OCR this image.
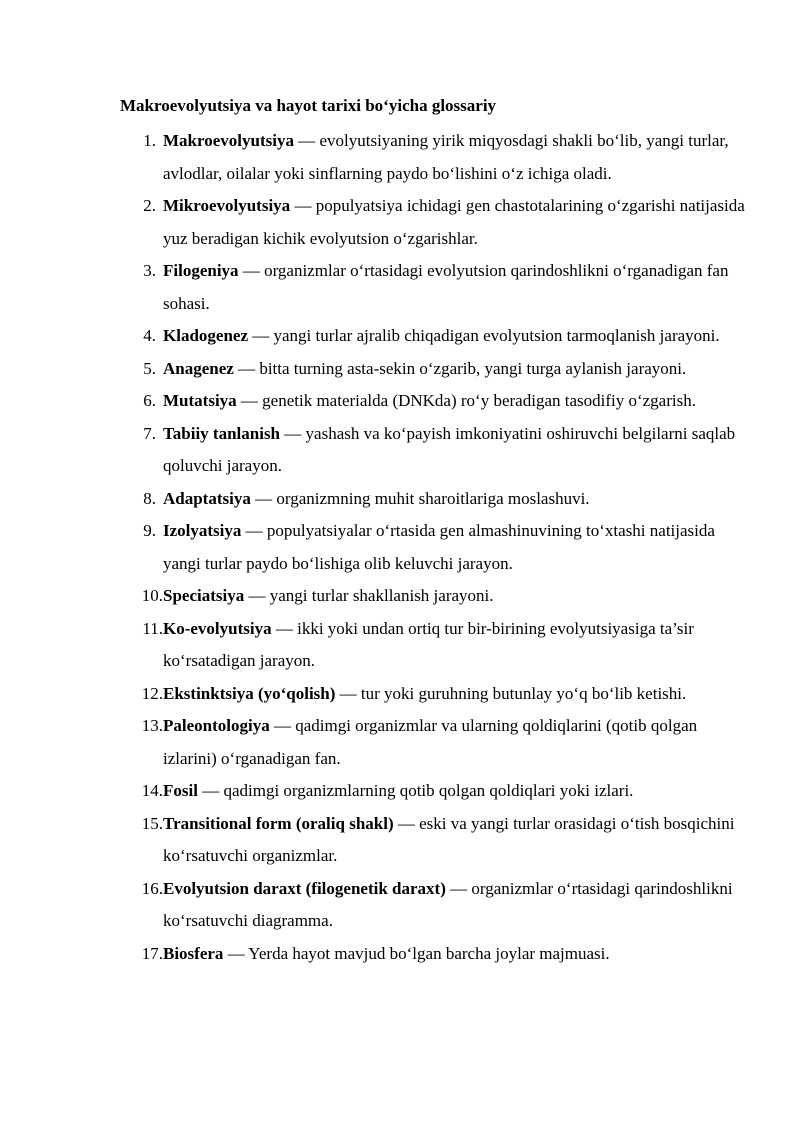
Makroevolyutsiya va hayot tarixi bo‘yicha glossariy
1. Makroevolyutsiya — evolyutsiyaning yirik miqyosdagi shakli bo‘lib, yangi turlar, avlodlar, oilalar yoki sinflarning paydo bo‘lishini o‘z ichiga oladi.
2. Mikroevolyutsiya — populyatsiya ichidagi gen chastotalarining o‘zgarishi natijasida yuz beradigan kichik evolyutsion o‘zgarishlar.
3. Filogeniya — organizmlar o‘rtasidagi evolyutsion qarindoshlikni o‘rganadigan fan sohasi.
4. Kladogenez — yangi turlar ajralib chiqadigan evolyutsion tarmoqlanish jarayoni.
5. Anagenez — bitta turning asta-sekin o‘zgarib, yangi turga aylanish jarayoni.
6. Mutatsiya — genetik materialda (DNKda) ro‘y beradigan tasodifiy o‘zgarish.
7. Tabiiy tanlanish — yashash va ko‘payish imkoniyatini oshiruvchi belgilarni saqlab qoluvchi jarayon.
8. Adaptatsiya — organizmning muhit sharoitlariga moslashuvi.
9. Izolyatsiya — populyatsiyalar o‘rtasida gen almashinuvining to‘xtashi natijasida yangi turlar paydo bo‘lishiga olib keluvchi jarayon.
10. Speciatsiya — yangi turlar shakllanish jarayoni.
11. Ko-evolyutsiya — ikki yoki undan ortiq tur bir-birining evolyutsiyasiga ta’sir ko‘rsatadigan jarayon.
12. Ekstinktsiya (yo‘qolish) — tur yoki guruhning butunlay yo‘q bo‘lib ketishi.
13. Paleontologiya — qadimgi organizmlar va ularning qoldiqlarini (qotib qolgan izlarini) o‘rganadigan fan.
14. Fosil — qadimgi organizmlarning qotib qolgan qoldiqlari yoki izlari.
15. Transitional form (oraliq shakl) — eski va yangi turlar orasidagi o‘tish bosqichini ko‘rsatuvchi organizmlar.
16. Evolyutsion daraxt (filogenetik daraxt) — organizmlar o‘rtasidagi qarindoshlikni ko‘rsatuvchi diagramma.
17. Biosfera — Yerda hayot mavjud bo‘lgan barcha joylar majmuasi.
